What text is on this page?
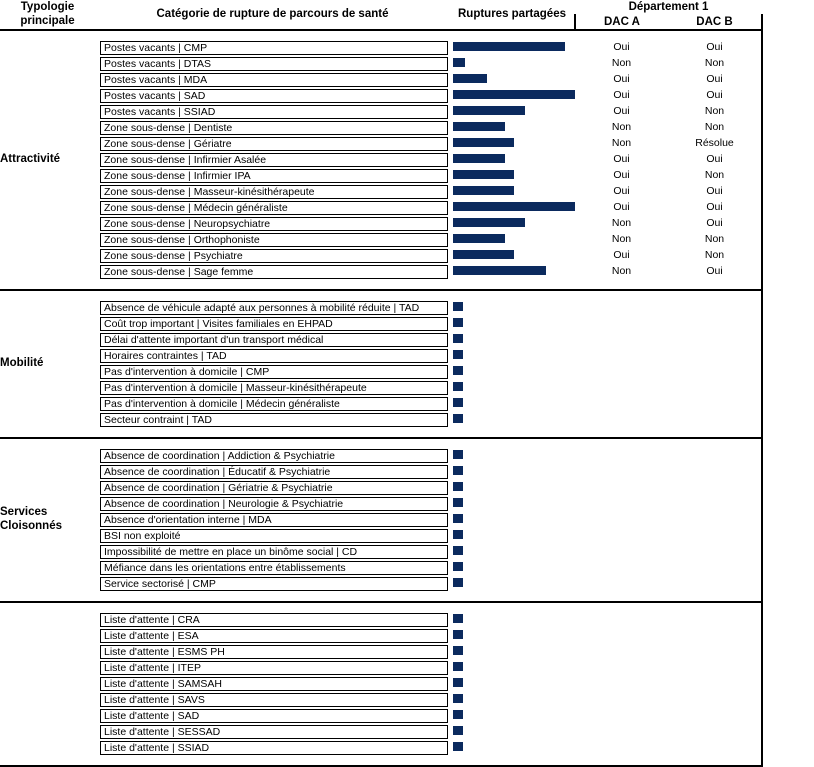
Typologie
principale	Catégorie de rupture de parcours de santé	Ruptures partagées	Département 1	
			DAC A	DAC B

Attractivité				

	Postes vacants | CMP		Oui	Oui

	Postes vacants | DTAS		Non	Non

	Postes vacants | MDA		Oui	Oui

	Postes vacants | SAD		Oui	Oui

	Postes vacants | SSIAD		Oui	Non

	Zone sous-dense | Dentiste		Non	Non

	Zone sous-dense | Gériatre		Non	Résolue

	Zone sous-dense | Infirmier Asalée		Oui	Oui

	Zone sous-dense | Infirmier IPA		Oui	Non

	Zone sous-dense | Masseur-kinésithérapeute		Oui	Oui

	Zone sous-dense | Médecin généraliste		Oui	Oui

	Zone sous-dense | Neuropsychiatre		Non	Oui

	Zone sous-dense | Orthophoniste		Non	Non

	Zone sous-dense | Psychiatre		Oui	Non

	Zone sous-dense | Sage femme		Non	Oui

Mobilité				

	Absence de véhicule adapté aux personnes à mobilité réduite | TAD			

	Coût trop important | Visites familiales en EHPAD			

	Délai d'attente important d'un transport médical			

	Horaires contraintes | TAD			

	Pas d'intervention à domicile | CMP			

	Pas d'intervention à domicile | Masseur-kinésithérapeute			

	Pas d'intervention à domicile | Médecin généraliste			

	Secteur contraint | TAD			

Services
Cloisonnés				

	Absence de coordination | Addiction & Psychiatrie			

	Absence de coordination | Éducatif & Psychiatrie			

	Absence de coordination | Gériatrie & Psychiatrie			

	Absence de coordination | Neurologie & Psychiatrie			

	Absence d'orientation interne | MDA			

	BSI non exploité			

	Impossibilité de mettre en place un binôme social | CD			

	Méfiance dans les orientations entre établissements			

	Service sectorisé | CMP			

	Liste d'attente | CRA			

	Liste d'attente | ESA			

	Liste d'attente | ESMS PH			

	Liste d'attente | ITEP			

	Liste d'attente | SAMSAH			

	Liste d'attente | SAVS			

	Liste d'attente | SAD			

	Liste d'attente | SESSAD			

	Liste d'attente | SSIAD			
